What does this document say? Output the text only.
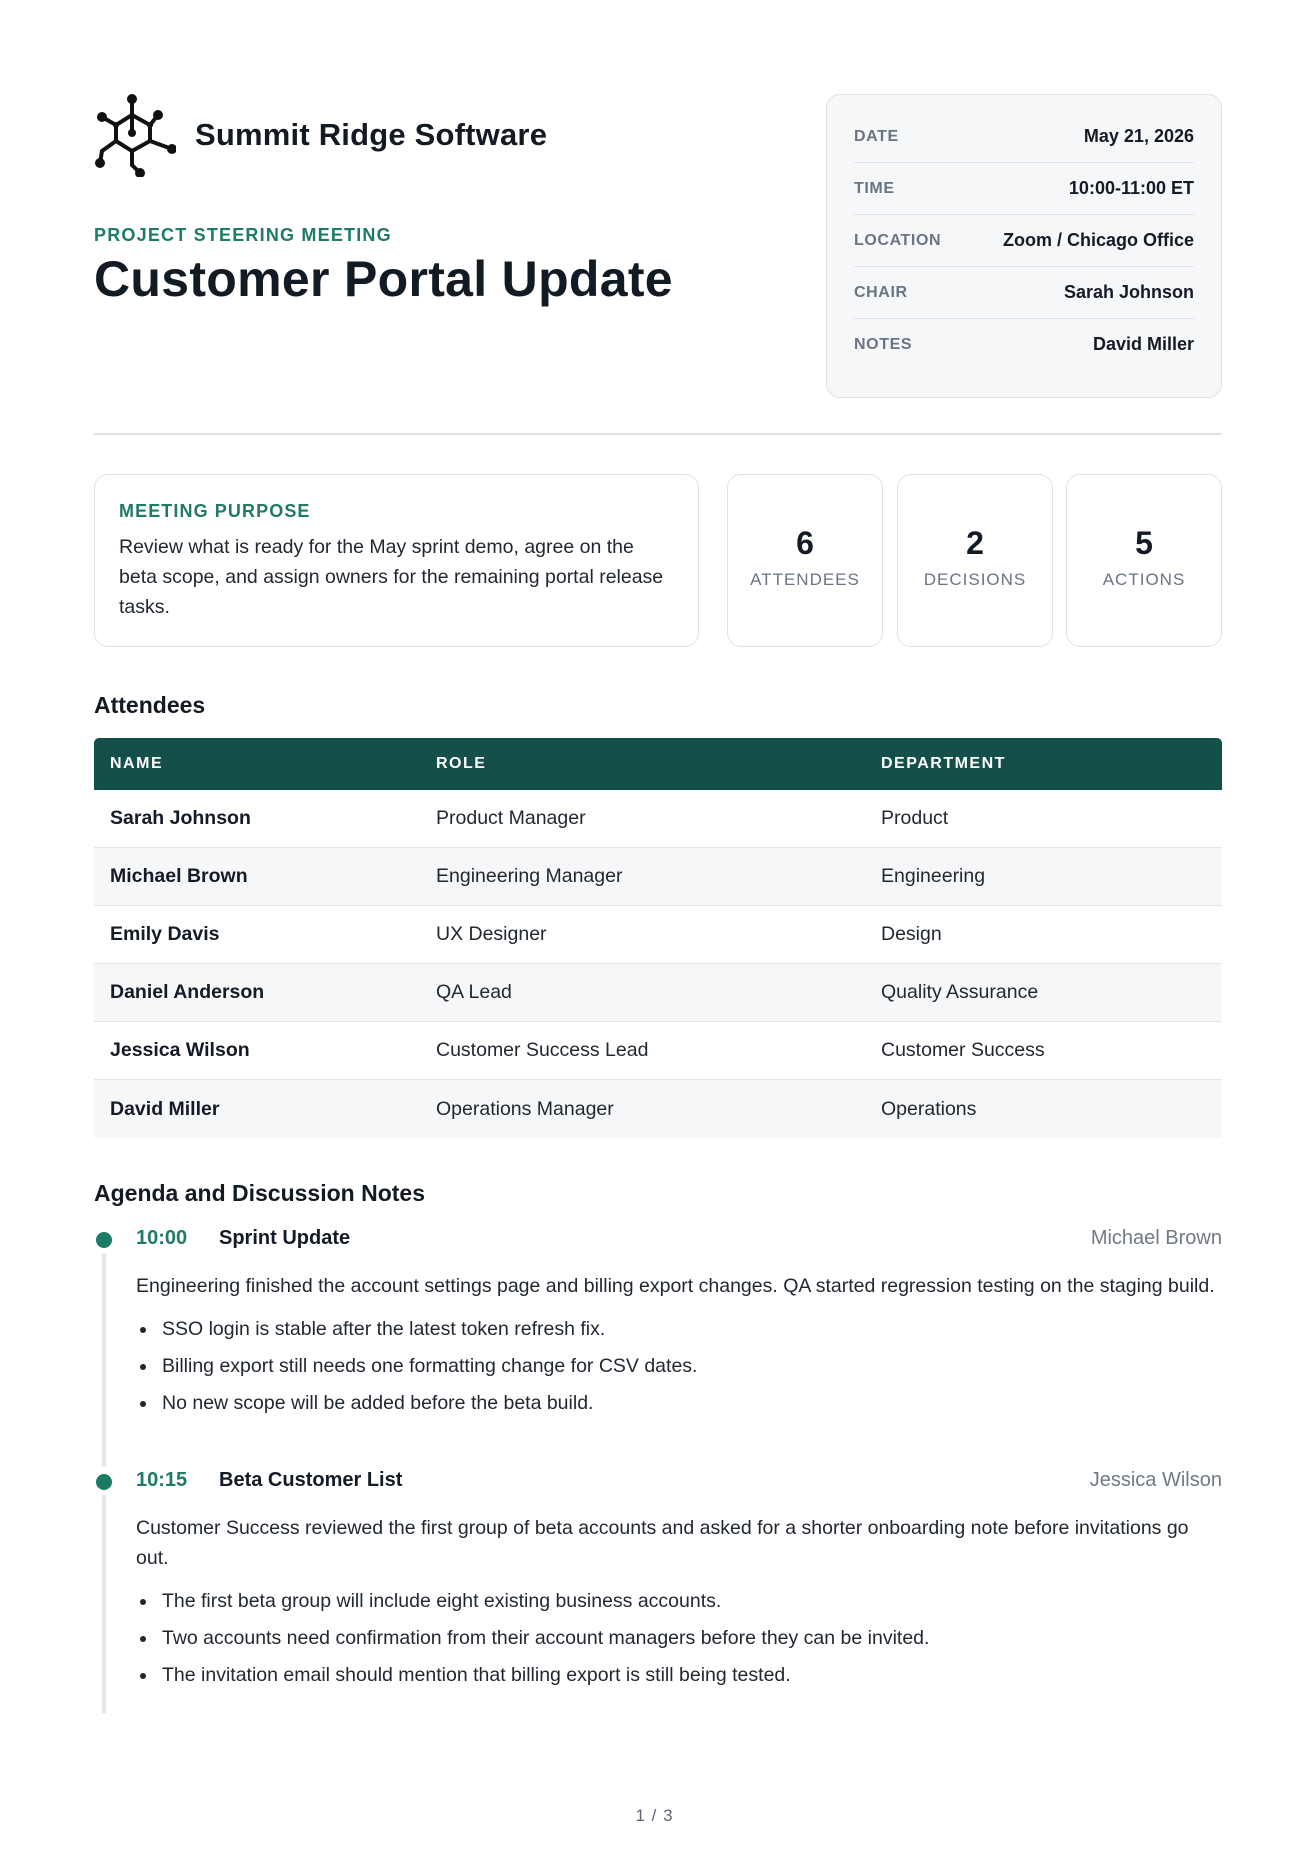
Summit Ridge Software
PROJECT STEERING MEETING
Customer Portal Update
DATE	May 21, 2026
TIME	10:00-11:00 ET
LOCATION	Zoom / Chicago Office
CHAIR	Sarah Johnson
NOTES	David Miller
MEETING PURPOSE
Review what is ready for the May sprint demo, agree on the beta scope, and assign owners for the remaining portal release tasks.
6
ATTENDEES
2
DECISIONS
5
ACTIONS
Attendees
NAME	ROLE	DEPARTMENT
Sarah Johnson	Product Manager	Product
Michael Brown	Engineering Manager	Engineering
Emily Davis	UX Designer	Design
Daniel Anderson	QA Lead	Quality Assurance
Jessica Wilson	Customer Success Lead	Customer Success
David Miller	Operations Manager	Operations
Agenda and Discussion Notes
10:00 Sprint Update	Michael Brown
Engineering finished the account settings page and billing export changes. QA started regression testing on the staging build.
SSO login is stable after the latest token refresh fix.
Billing export still needs one formatting change for CSV dates.
No new scope will be added before the beta build.
10:15 Beta Customer List	Jessica Wilson
Customer Success reviewed the first group of beta accounts and asked for a shorter onboarding note before invitations go out.
The first beta group will include eight existing business accounts.
Two accounts need confirmation from their account managers before they can be invited.
The invitation email should mention that billing export is still being tested.
1 / 3
